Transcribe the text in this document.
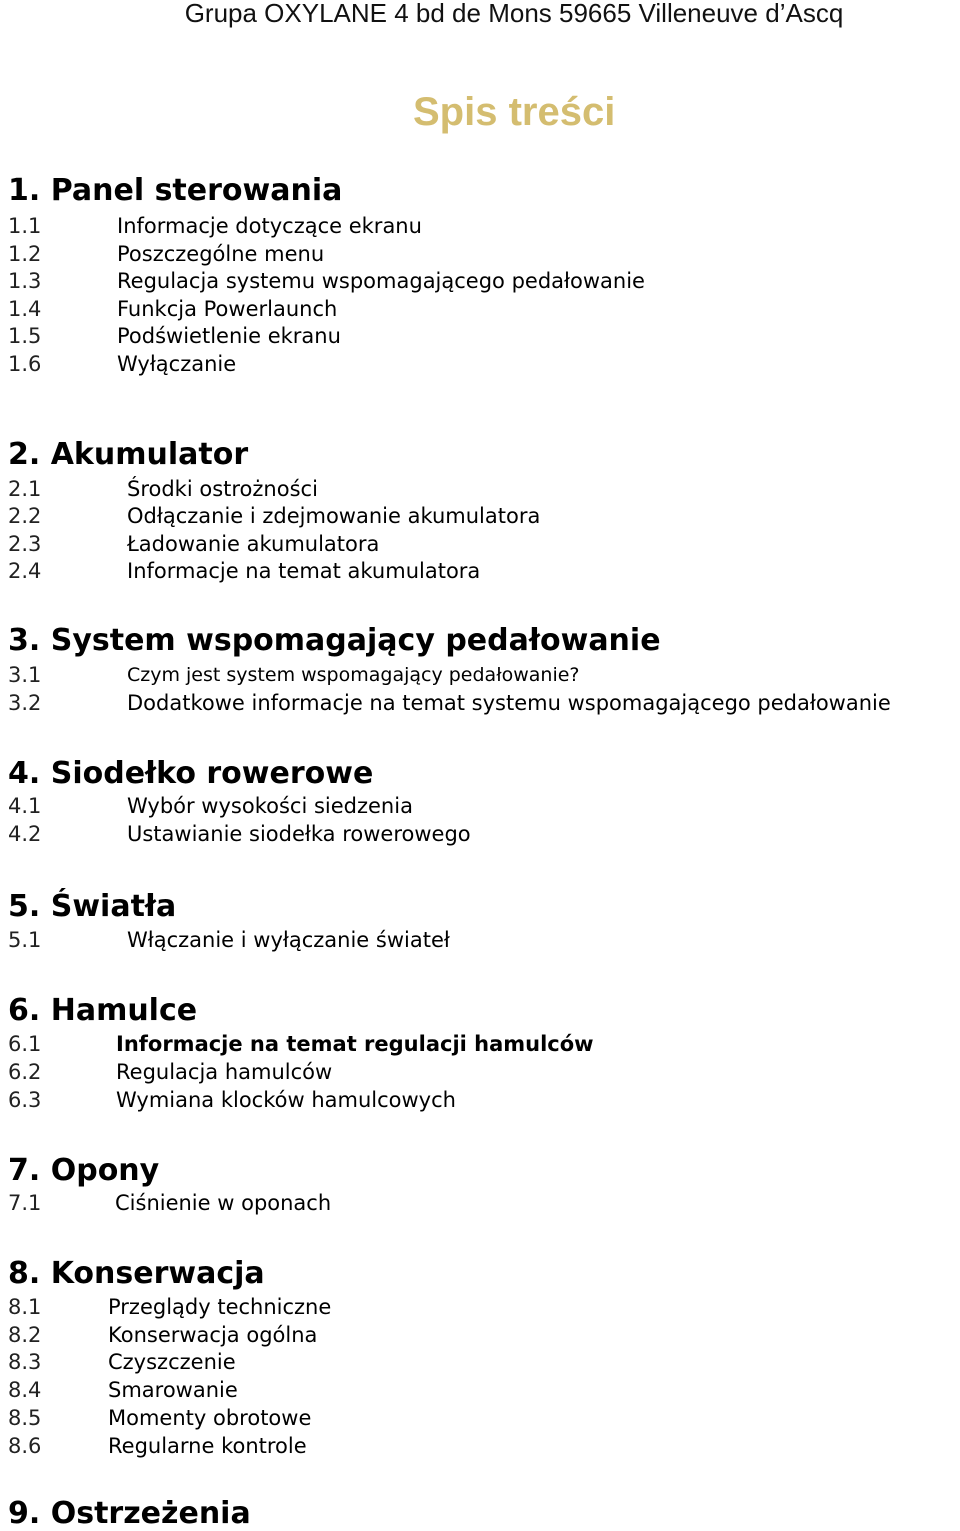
Grupa OXYLANE 4 bd de Mons 59665 Villeneuve d’Ascq
Spis treści
1. Panel sterowania
1.1	Informacje dotyczące ekranu
1.2	Poszczególne menu
1.3	Regulacja systemu wspomagającego pedałowanie
1.4	Funkcja Powerlaunch
1.5	Podświetlenie ekranu
1.6	Wyłączanie
2. Akumulator
2.1	Środki ostrożności
2.2	Odłączanie i zdejmowanie akumulatora
2.3	Ładowanie akumulatora
2.4	Informacje na temat akumulatora
3. System wspomagający pedałowanie
3.1	Czym jest system wspomagający pedałowanie?
3.2	Dodatkowe informacje na temat systemu wspomagającego pedałowanie
4. Siodełko rowerowe
4.1	Wybór wysokości siedzenia
4.2	Ustawianie siodełka rowerowego
5. Światła
5.1	Włączanie i wyłączanie świateł
6. Hamulce
6.1	Informacje na temat regulacji hamulców
6.2	Regulacja hamulców
6.3	Wymiana klocków hamulcowych
7. Opony
7.1	Ciśnienie w oponach
8. Konserwacja
8.1	Przeglądy techniczne
8.2	Konserwacja ogólna
8.3	Czyszczenie
8.4	Smarowanie
8.5	Momenty obrotowe
8.6	Regularne kontrole
9. Ostrzeżenia
